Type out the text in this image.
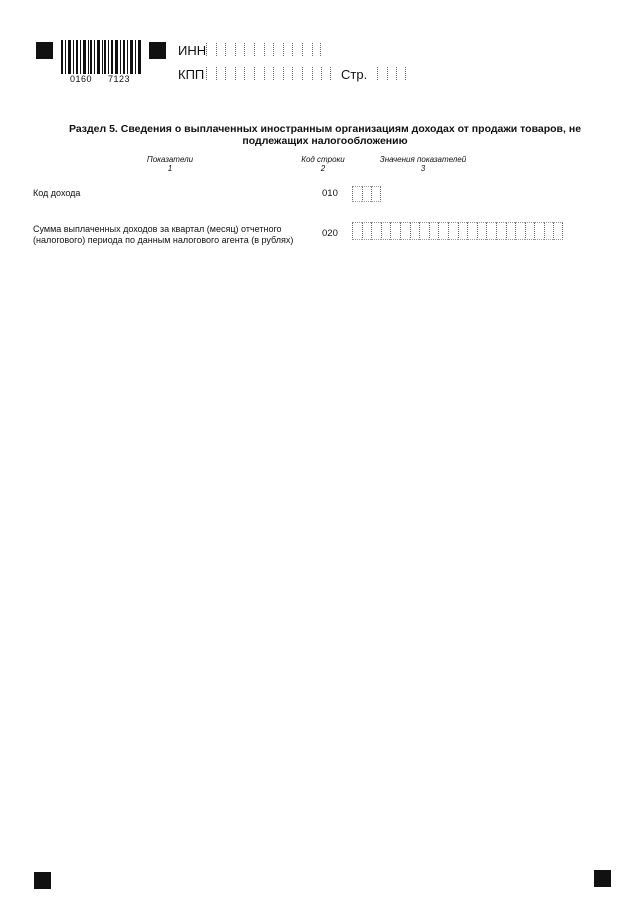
0160 7123
ИНН
КПП	Стр.
Раздел 5. Сведения о выплаченных иностранным организациям доходах от продажи товаров, не подлежащих налогообложению
Показатели
1
Код строки
2
Значения показателей
3
Код дохода	010
Сумма выплаченных доходов за квартал (месяц) отчетного (налогового) периода по данным налогового агента (в рублях)
020
